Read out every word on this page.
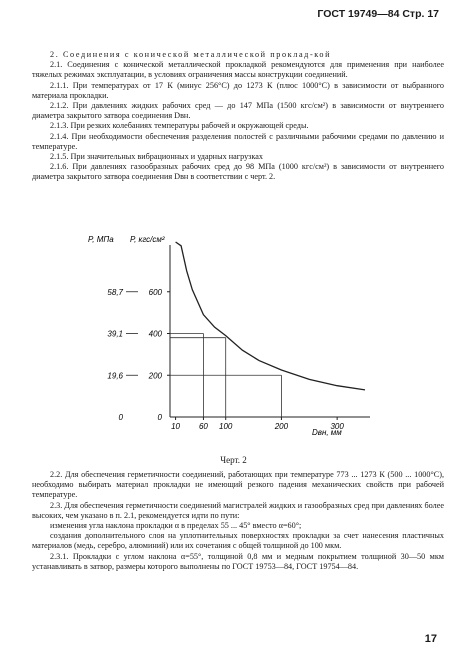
ГОСТ 19749—84 Стр. 17

2. Соединения с конической металлической проклад-кой

2.1. Соединения с конической металлической прокладкой рекомендуются для применения при наиболее тяжелых режимах эксплуатации, в условиях ограничения массы конструкции соединений.

2.1.1. При температурах от 17 К (минус 256°С) до 1273 К (плюс 1000°С) в зависимости от выбранного материала прокладки.

2.1.2. При давлениях жидких рабочих сред — до 147 МПа (1500 кгс/см²) в зависимости от внутреннего диаметра закрытого затвора соединения Dвн.

2.1.3. При резких колебаниях температуры рабочей и окружающей среды.

2.1.4. При необходимости обеспечения разделения полостей с различными рабочими средами по давлению и температуре.

2.1.5. При значительных вибрационных и ударных нагрузках

2.1.6. При давлениях газообразных рабочих сред до 98 МПа (1000 кгс/см²) в зависимости от внутреннего диаметра закрытого затвора соединения Dвн в соответствии с черт. 2.

10 60 100	200	300
0
0
200
19,6
400
39,1
600
58,7
P, МПа Р, кгс/см²
Dвн, мм
Черт. 2

2.2. Для обеспечения герметичности соединений, работающих при температуре 773 ... 1273 К (500 ... 1000°С), необходимо выбирать материал прокладки не имеющий резкого падения механических свойств при рабочей температуре.

2.3. Для обеспечения герметичности соединений магистралей жидких и газообразных сред при давлениях более высоких, чем указано в п. 2.1, рекомендуется идти по пути:

изменения угла наклона прокладки α в пределах 55 ... 45° вместо α=60°;

создания дополнительного слоя на уплотнительных поверхностях прокладки за счет нанесения пластичных материалов (медь, серебро, алюминий) или их сочетания с общей толщиной до 100 мкм.

2.3.1. Прокладки с углом наклона α=55°, толщиной 0,8 мм и медным покрытием толщиной 30—50 мкм устанавливать в затвор, размеры которого выполнены по ГОСТ 19753—84, ГОСТ 19754—84.

17
